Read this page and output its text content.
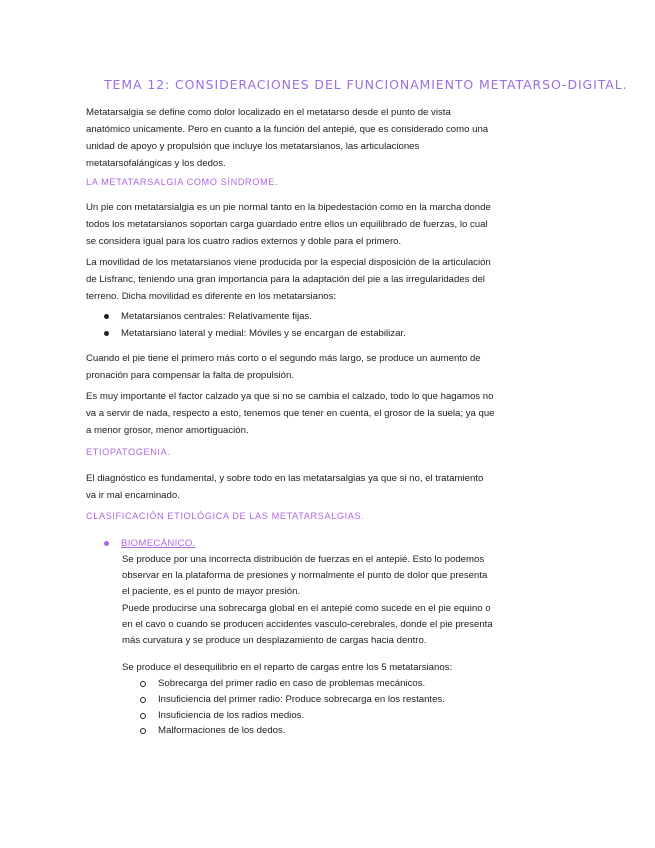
TEMA 12: CONSIDERACIONES DEL FUNCIONAMIENTO METATARSO-DIGITAL.

Metatarsalgia se define como dolor localizado en el metatarso desde el punto de vista

anatómico unicamente. Pero en cuanto a la función del antepié, que es considerado como una

unidad de apoyo y propulsión que incluye los metatarsianos, las articulaciones

metatarsofalángicas y los dedos.

LA METATARSALGIA COMO SÍNDROME.

Un pie con metatarsialgia es un pie normal tanto en la bipedestación como en la marcha donde

todos los metatarsianos soportan carga guardado entre ellos un equilibrado de fuerzas, lo cual

se considera igual para los cuatro radios externos y doble para el primero.

La movilidad de los metatarsianos viene producida por la especial disposición de la articulación

de Lisfranc, teniendo una gran importancia para la adaptación del pie a las irregularidades del

terreno. Dicha movilidad es diferente en los metatarsianos:

Metatarsianos centrales: Relativamente fijas.
Metatarsiano lateral y medial: Móviles y se encargan de estabilizar.

Cuando el pie tiene el primero más corto o el segundo más largo, se produce un aumento de

pronación para compensar la falta de propulsión.

Es muy importante el factor calzado ya que si no se cambia el calzado, todo lo que hagamos no

va a servir de nada, respecto a esto, tenemos que tener en cuenta, el grosor de la suela; ya que

a menor grosor, menor amortiguación.

ETIOPATOGENIA.

El diagnóstico es fundamental, y sobre todo en las metatarsalgias ya que si no, el tratamiento

va ir mal encaminado.

CLASIFICACIÓN ETIOLÓGICA DE LAS METATARSALGIAS.
BIOMECÁNICO.

Se produce por una incorrecta distribución de fuerzas en el antepié. Esto lo podemos

observar en la plataforma de presiones y normalmente el punto de dolor que presenta

el paciente, es el punto de mayor presión.

Puede producirse una sobrecarga global en el antepié como sucede en el pie equino o

en el cavo o cuando se producen accidentes vasculo-cerebrales, donde el pie presenta

más curvatura y se produce un desplazamiento de cargas hacia dentro.

Se produce el desequilibrio en el reparto de cargas entre los 5 metatarsianos:
Sobrecarga del primer radio en caso de problemas mecánicos.
Insuficiencia del primer radio: Produce sobrecarga en los restantes.
Insuficiencia de los radios medios.
Malformaciones de los dedos.
